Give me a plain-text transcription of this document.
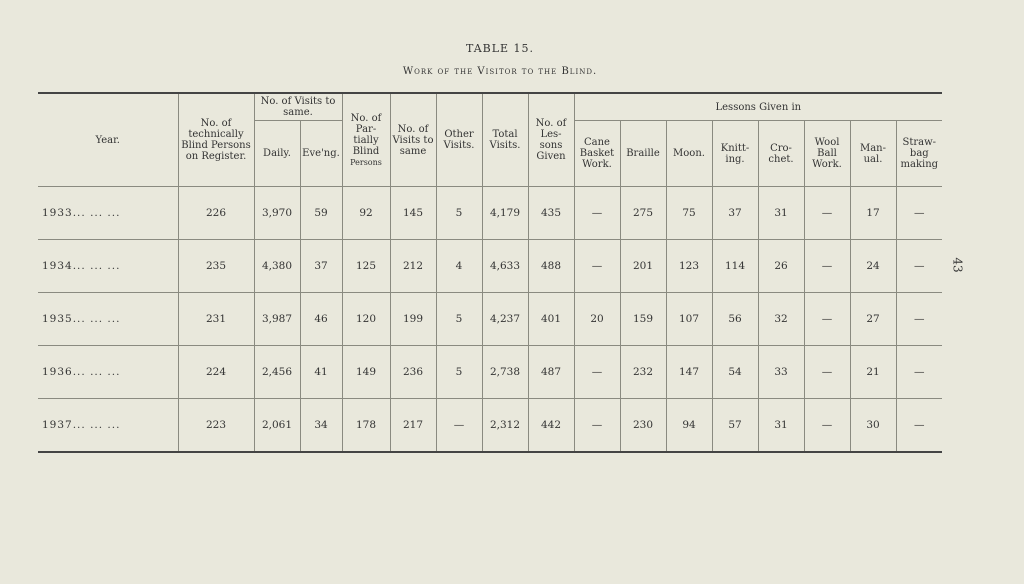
TABLE 15.
Work of the Visitor to the Blind.
43
Year.	No. of technically Blind Persons on Register.	No. of Visits to same.		No. of Par-tially Blind
Persons	No. of Visits to same	Other Visits.	Total Visits.	No. of Les-sons Given	Lessons Given in							
		Daily.	Eve'ng.						Cane Basket Work.	Braille	Moon.	Knitt-ing.	Cro-chet.	Wool Ball Work.	Man-ual.	Straw-bag making
1933... ... ...	226	3,970	59	92	145	5	4,179	435	—	275	75	37	31	—	17	—
1934... ... ...	235	4,380	37	125	212	4	4,633	488	—	201	123	114	26	—	24	—
1935... ... ...	231	3,987	46	120	199	5	4,237	401	20	159	107	56	32	—	27	—
1936... ... ...	224	2,456	41	149	236	5	2,738	487	—	232	147	54	33	—	21	—
1937... ... ...	223	2,061	34	178	217	—	2,312	442	—	230	94	57	31	—	30	—
